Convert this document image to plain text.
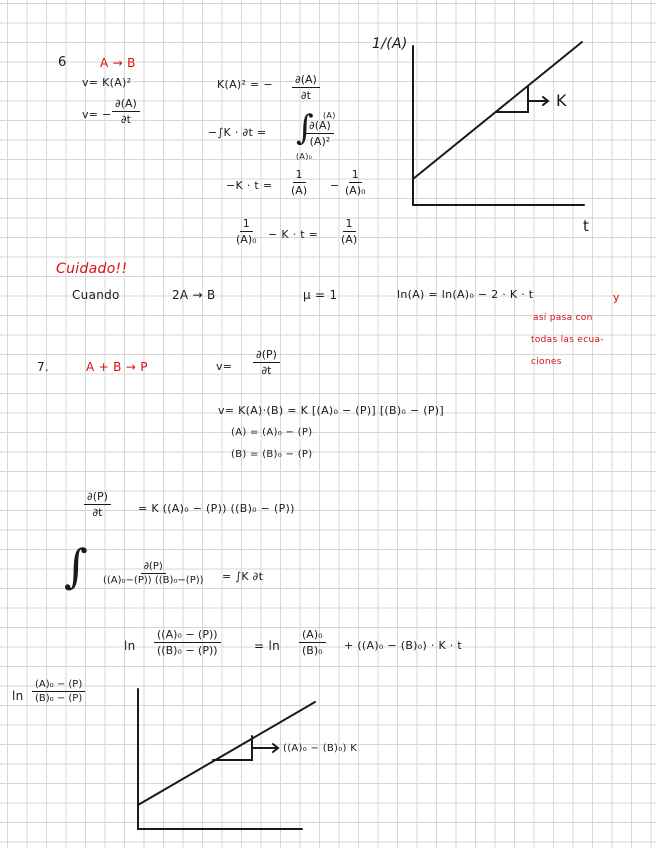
6	A → B
v= K(A)²
$v= - \frac{\partial(A)}{\partial t}$
K(A)² = − $\frac{\partial(A)}{\partial t}$
−∫K · ∂t = ∫ (A)
(A)₀
$\frac{\partial(A)}{\text{(A)²}}$
$-K \cdot t = \frac{1}{(A)} - \frac{1}{\text{(A)₀}}$
$\frac{1}{\text{(A)₀}} - K \cdot t = \frac{1}{(A)}$
1/(A)
t
K
Cuidado!!
Cuando	2A → B	μ = 1	ln(A) = ln(A)₀ − 2 · K · t	y
así pasa con
todas las ecua-
ciones
7.	A + B → P	$v= \frac{\partial(P)}{\partial t}$
v= K(A)·(B) = K [(A)₀ − (P)] [(B)₀ − (P)]
(A) = (A)₀ − (P)
(B) = (B)₀ − (P)
$\frac{\partial(P)}{\partial t} = K$ ((A)₀ − (P)) ((B)₀ − (P))
∫ $\frac{\partial(P)}{\text{((A)₀−(P)) ((B)₀−(P))}} = \int K$ ∂t
$\ln \frac{\text{((A)₀ − (P))}}{\text{((B)₀ − (P))}}$	= $\ln \frac{\text{(A)₀}}{\text{(B)₀}} + ((A)_0 - (B)_0) \cdot K \cdot t$
$\ln \frac{\text{(A)₀ − (P)}}{\text{(B)₀ − (P)}}$
((A)₀ − (B)₀) K
